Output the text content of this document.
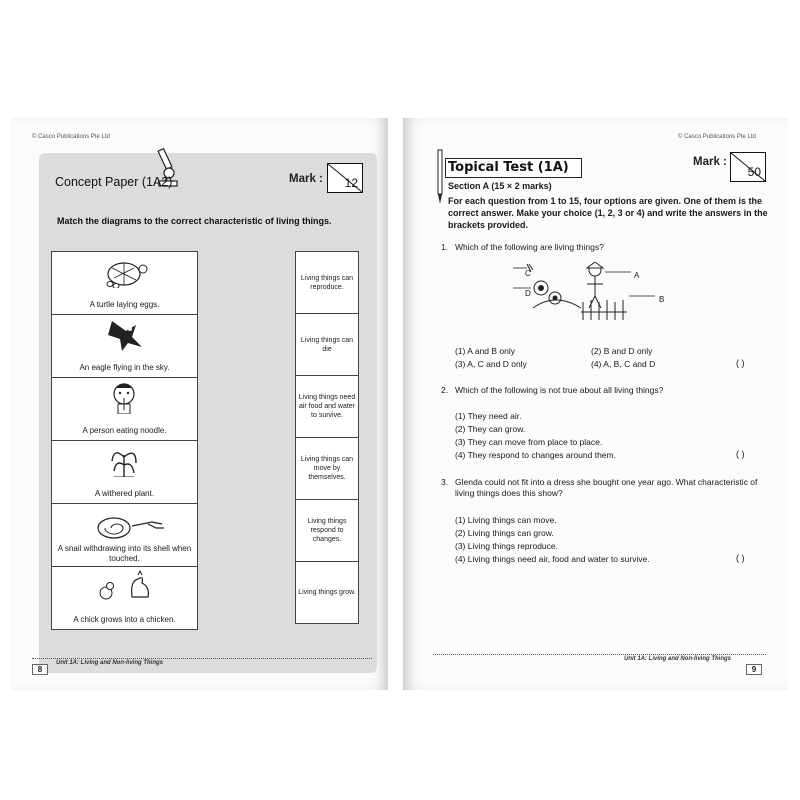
© Casco Publications Pte Ltd
Concept Paper (1A2)	Mark : 12
Match the diagrams to the correct characteristic of living things.
A turtle laying eggs.
An eagle flying in the sky.
A person eating noodle.
A withered plant.
A snail withdrawing into its shell when touched.
A chick grows into a chicken.
Living things can reproduce.
Living things can die
Living things need air food and water to survive.
Living things can move by themselves.
Living things respond to changes.
Living things grow.
Unit 1A: Living and Non-living Things
8
© Casco Publications Pte Ltd
Topical Test (1A)	Mark :
50
Section A (15 × 2 marks)
For each question from 1 to 15, four options are given. One of them is the correct answer. Make your choice (1, 2, 3 or 4) and write the answers in the brackets provided.
1. Which of the following are living things?
C
D
A
B
(1) A and B only	(2) B and D only
(3) A, C and D only	(4) A, B, C and D	( )
2. Which of the following is not true about all living things?
(1) They need air.
(2) They can grow.
(3) They can move from place to place.
(4) They respond to changes around them.	( )
3. Glenda could not fit into a dress she bought one year ago. What characteristic of living things does this show?
(1) Living things can move.
(2) Living things can grow.
(3) Living things reproduce.
(4) Living things need air, food and water to survive.	( )
Unit 1A: Living and Non-living Things
9
